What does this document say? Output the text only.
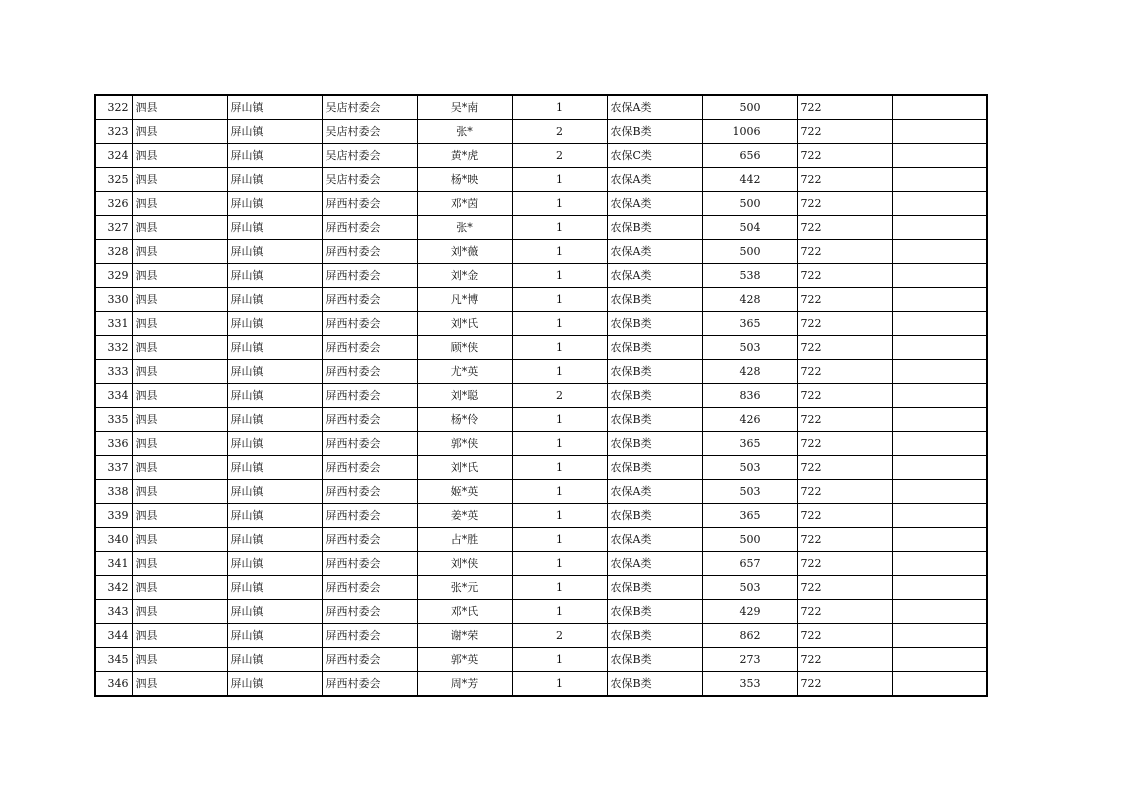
322	泗县	屏山镇	吴店村委会	吴*南	1	农保A类	500	722	
323	泗县	屏山镇	吴店村委会	张*	2	农保B类	1006	722	
324	泗县	屏山镇	吴店村委会	黄*虎	2	农保C类	656	722	
325	泗县	屏山镇	吴店村委会	杨*映	1	农保A类	442	722	
326	泗县	屏山镇	屏西村委会	邓*茵	1	农保A类	500	722	
327	泗县	屏山镇	屏西村委会	张*	1	农保B类	504	722	
328	泗县	屏山镇	屏西村委会	刘*薇	1	农保A类	500	722	
329	泗县	屏山镇	屏西村委会	刘*金	1	农保A类	538	722	
330	泗县	屏山镇	屏西村委会	凡*博	1	农保B类	428	722	
331	泗县	屏山镇	屏西村委会	刘*氏	1	农保B类	365	722	
332	泗县	屏山镇	屏西村委会	顾*侠	1	农保B类	503	722	
333	泗县	屏山镇	屏西村委会	尤*英	1	农保B类	428	722	
334	泗县	屏山镇	屏西村委会	刘*聪	2	农保B类	836	722	
335	泗县	屏山镇	屏西村委会	杨*伶	1	农保B类	426	722	
336	泗县	屏山镇	屏西村委会	郭*侠	1	农保B类	365	722	
337	泗县	屏山镇	屏西村委会	刘*氏	1	农保B类	503	722	
338	泗县	屏山镇	屏西村委会	姬*英	1	农保A类	503	722	
339	泗县	屏山镇	屏西村委会	姜*英	1	农保B类	365	722	
340	泗县	屏山镇	屏西村委会	占*胜	1	农保A类	500	722	
341	泗县	屏山镇	屏西村委会	刘*侠	1	农保A类	657	722	
342	泗县	屏山镇	屏西村委会	张*元	1	农保B类	503	722	
343	泗县	屏山镇	屏西村委会	邓*氏	1	农保B类	429	722	
344	泗县	屏山镇	屏西村委会	谢*荣	2	农保B类	862	722	
345	泗县	屏山镇	屏西村委会	郭*英	1	农保B类	273	722	
346	泗县	屏山镇	屏西村委会	周*芳	1	农保B类	353	722	
